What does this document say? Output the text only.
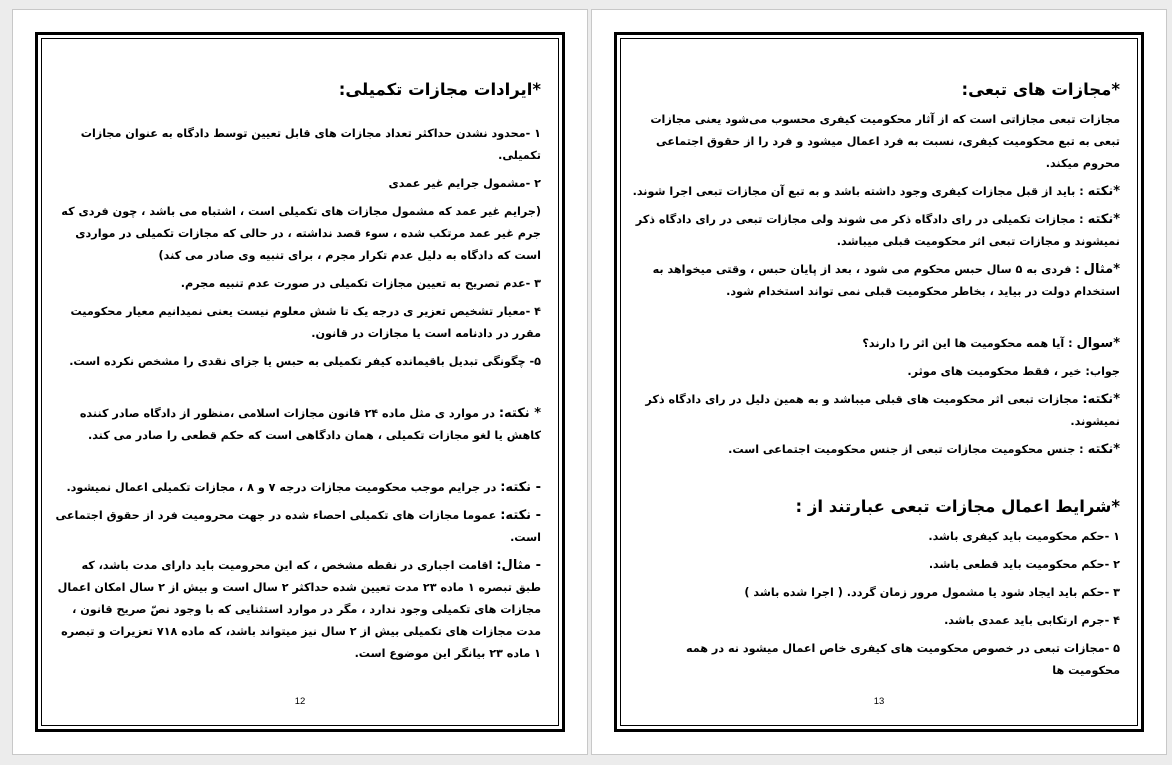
*ایرادات مجازات تکمیلی:

۱ -محدود نشدن حداکثر تعداد مجازات های قابل تعیین توسط دادگاه به عنوان مجازات تکمیلی.

۲ -مشمول جرایم غیر عمدی

(جرایم غیر عمد که مشمول مجازات های تکمیلی است ، اشتباه می باشد ، چون فردی که جرم غیر عمد مرتکب شده ، سوء قصد نداشته ، در حالی که مجازات تکمیلی در مواردی است که دادگاه به دلیل عدم تکرار مجرم ، برای تنبیه وی صادر می کند)

۳ -عدم تصریح به تعیین مجازات تکمیلی در صورت عدم تنبیه مجرم.

۴ -معیار تشخیص تعزیر ی درجه یک تا شش معلوم نیست یعنی نمیدانیم معیار محکومیت مقرر در دادنامه است یا مجازات در قانون.

۵- چگونگی تبدیل باقیمانده کیفر تکمیلی به حبس یا جزای نقدی را مشخص نکرده است.

* نکته: در موارد ی مثل ماده ۲۴ قانون مجازات اسلامی ،منظور از دادگاه صادر کننده کاهش یا لغو مجازات تکمیلی ، همان دادگاهی است که حکم قطعی را صادر می کند.

- نکته: در جرایم موجب محکومیت مجازات درجه ۷ و ۸ ، مجازات تکمیلی اعمال نمیشود.

- نکته: عموما مجازات های تکمیلی احصاء شده در جهت محرومیت فرد از حقوق اجتماعی است.

- مثال: اقامت اجباری در نقطه مشخص ، که این محرومیت باید دارای مدت باشد، که طبق تبصره ۱ ماده ۲۳ مدت تعیین شده حداکثر ۲ سال است و بیش از ۲ سال امکان اعمال مجازات های تکمیلی وجود ندارد ، مگر در موارد استثنایی که با وجود نصّ صریح قانون ، مدت مجازات های تکمیلی بیش از ۲ سال نیز میتواند باشد، که ماده ۷۱۸ تعزیرات و تبصره ۱ ماده ۲۳ بیانگر این موضوع است.

12
*مجازات های تبعی:

مجازات تبعی مجازاتی است که از آثار محکومیت کیفری محسوب می‌شود یعنی مجازات تبعی به تبع محکومیت کیفری، نسبت به فرد اعمال میشود و فرد را از حقوق اجتماعی محروم میکند.

*نکته : باید از قبل مجازات کیفری وجود داشته باشد و به تبع آن مجازات تبعی اجرا شوند.

*نکته : مجازات تکمیلی در رای دادگاه ذکر می شوند ولی مجازات تبعی در رای دادگاه ذکر نمیشوند و مجازات تبعی اثر محکومیت قبلی میباشد.

*مثال : فردی به ۵ سال حبس محکوم می شود ، بعد از پایان حبس ، وقتی میخواهد به استخدام دولت در بیاید ، بخاطر محکومیت قبلی نمی تواند استخدام شود.

*سوال : آیا همه محکومیت ها این اثر را دارند؟

جواب: خیر ، فقط محکومیت های موثر.

*نکته: مجازات تبعی اثر محکومیت های قبلی میباشد و به همین دلیل در رای دادگاه ذکر نمیشوند.

*نکته : جنس محکومیت مجازات تبعی از جنس محکومیت اجتماعی است.

*شرایط اعمال مجازات تبعی عبارتند از :

۱ -حکم محکومیت باید کیفری باشد.

۲ -حکم محکومیت باید قطعی باشد.

۳ -حکم باید ایجاد شود یا مشمول مرور زمان گردد. ( اجرا شده باشد )

۴ -جرم ارتکابی باید عمدی باشد.

۵ -مجازات تبعی در خصوص محکومیت های کیفری خاص اعمال میشود نه در همه محکومیت ها

13
